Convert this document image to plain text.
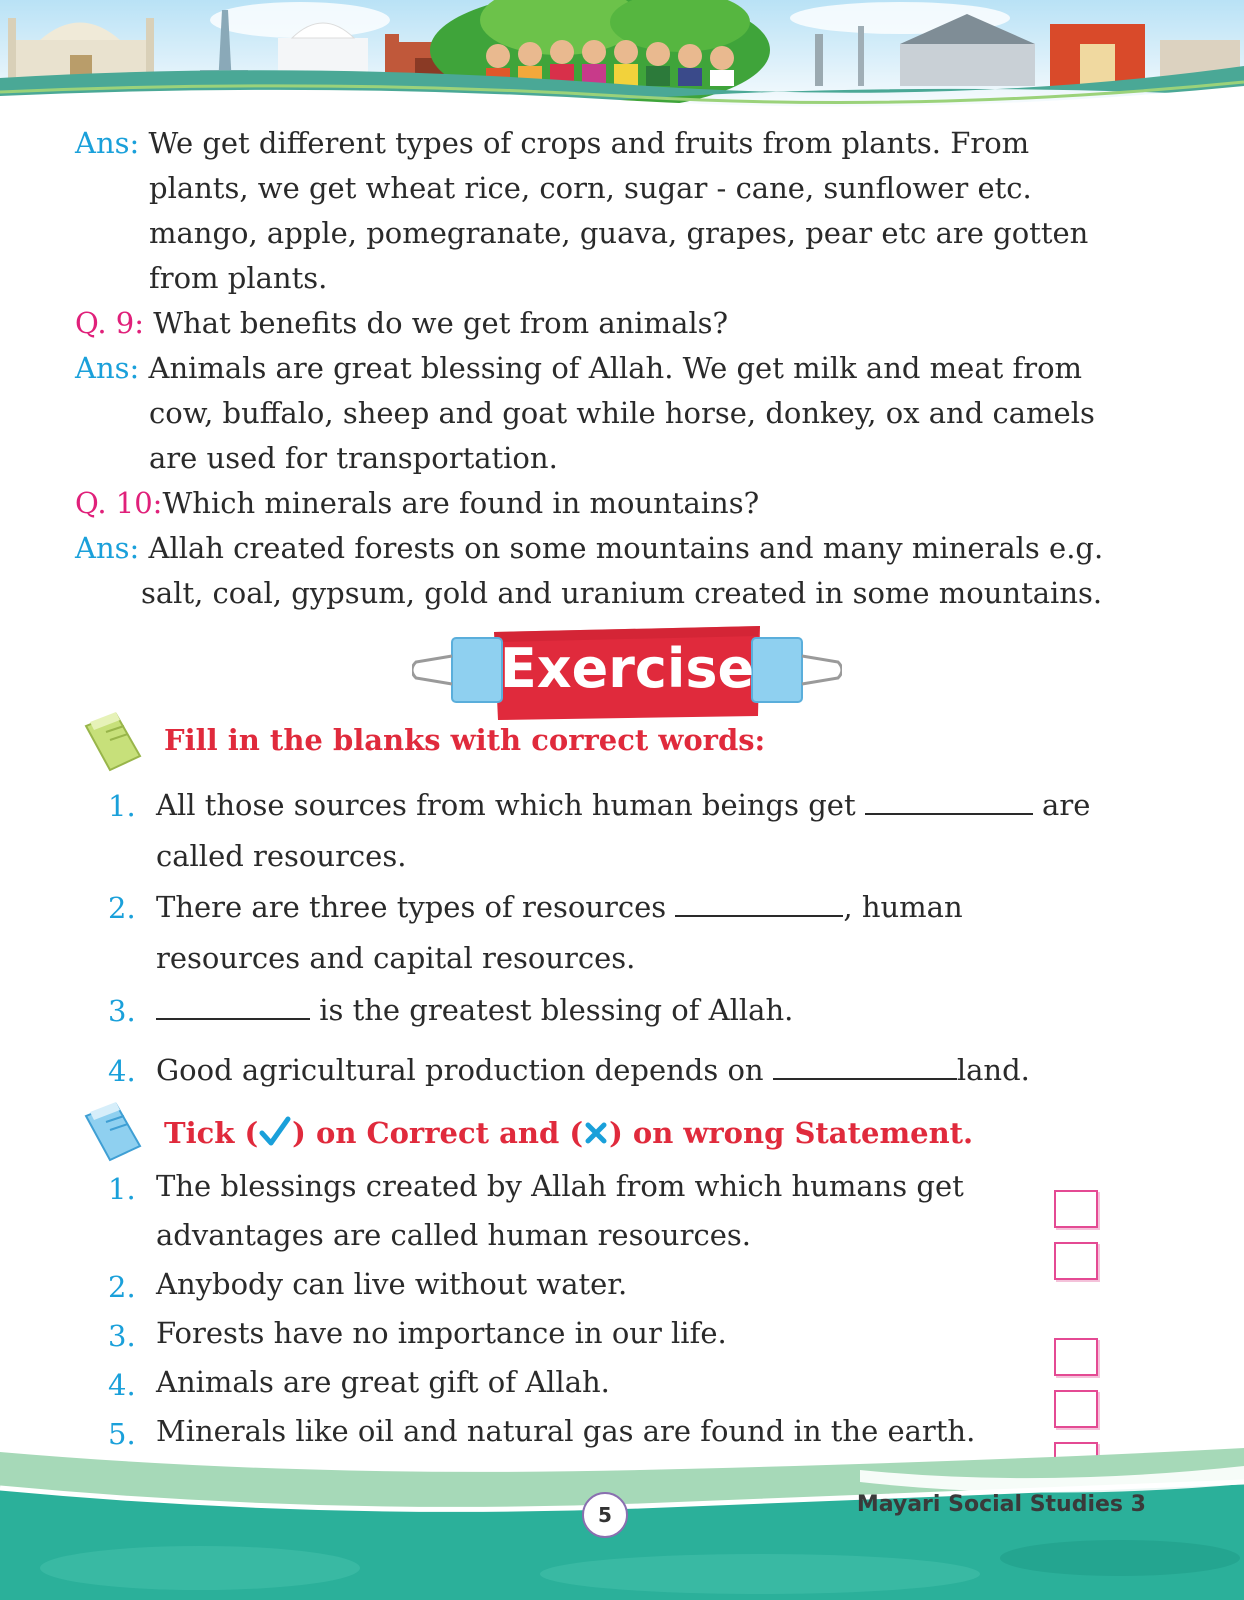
Ans: We get different types of crops and fruits from plants. From
plants, we get wheat rice, corn, sugar - cane, sunflower etc.
mango, apple, pomegranate, guava, grapes, pear etc are gotten
from plants.
Q. 9: What benefits do we get from animals?
Ans: Animals are great blessing of Allah. We get milk and meat from
cow, buffalo, sheep and goat while horse, donkey, ox and camels
are used for transportation.
Q. 10:Which minerals are found in mountains?
Ans: Allah created forests on some mountains and many minerals e.g.
salt, coal, gypsum, gold and uranium created in some mountains.
Exercise
Fill in the blanks with correct words:
1. All those sources from which human beings get	are
called resources.
2. There are three types of resources	, human
resources and capital resources.
3.	is the greatest blessing of Allah.
4. Good agricultural production depends on	land.
Tick ( ) on Correct and ( ) on wrong Statement.
1. The blessings created by Allah from which humans get
advantages are called human resources.
2. Anybody can live without water.
3. Forests have no importance in our life.
4. Animals are great gift of Allah.
5. Minerals like oil and natural gas are found in the earth.
5	Mayari Social Studies 3
